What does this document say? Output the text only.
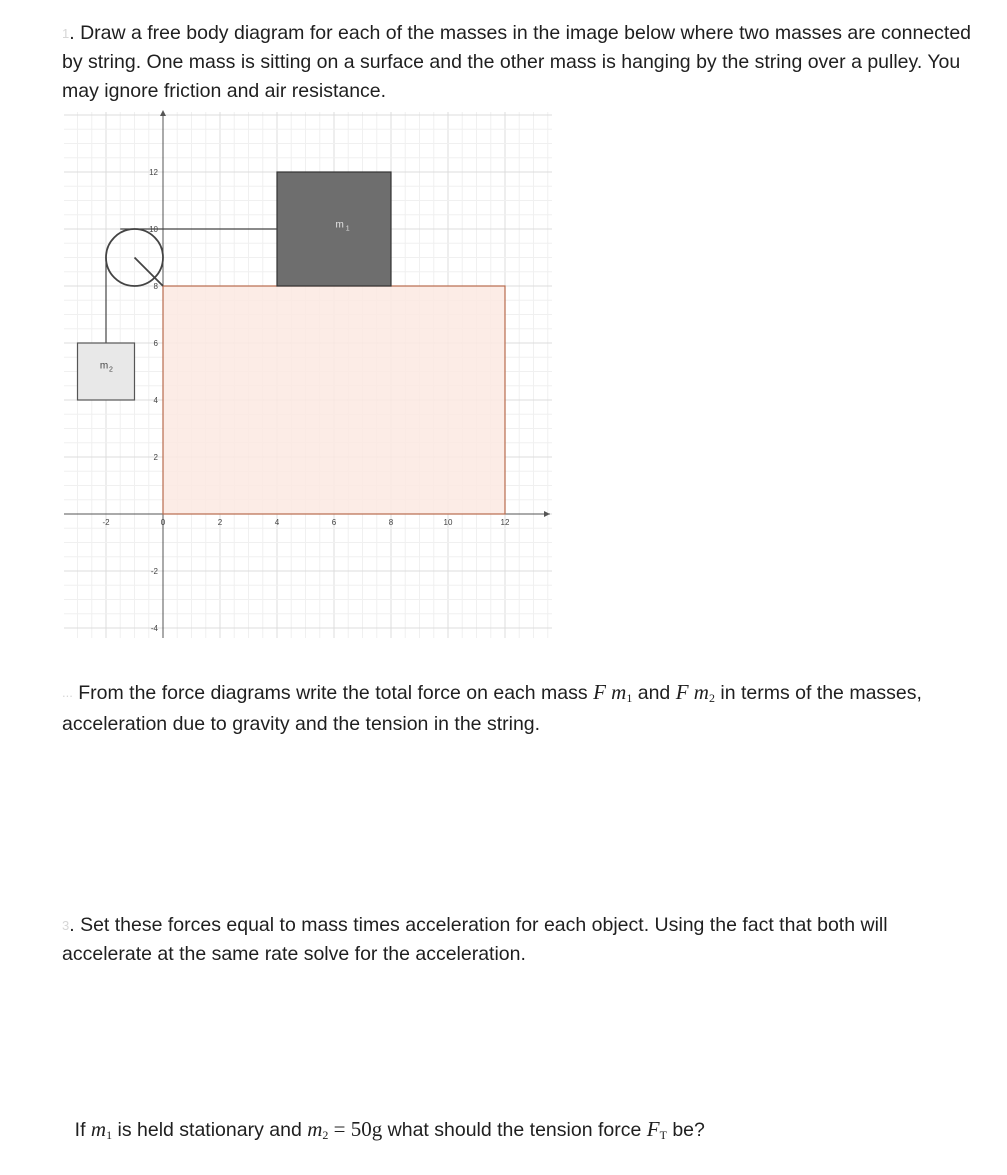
$^1$. Draw a free body diagram for each of the masses in the image below where two masses are connected by string. One mass is sitting on a surface and the other mass is hanging by the string over a pulley. You may ignore friction and air resistance.
-2	0	2	4	6	8	10	12
12
10
8
6
4
2
-2
-4
m 1
m 2
... From the force diagrams write the total force on each mass F $m_1$ and F $m_2$ in terms of the masses, acceleration due to gravity and the tension in the string.
$^3$. Set these forces equal to mass times acceleration for each object. Using the fact that both will accelerate at the same rate solve for the acceleration.
If $m_1$ is held stationary and $m_2 = 50g$ what should the tension force $F_T$ be?
